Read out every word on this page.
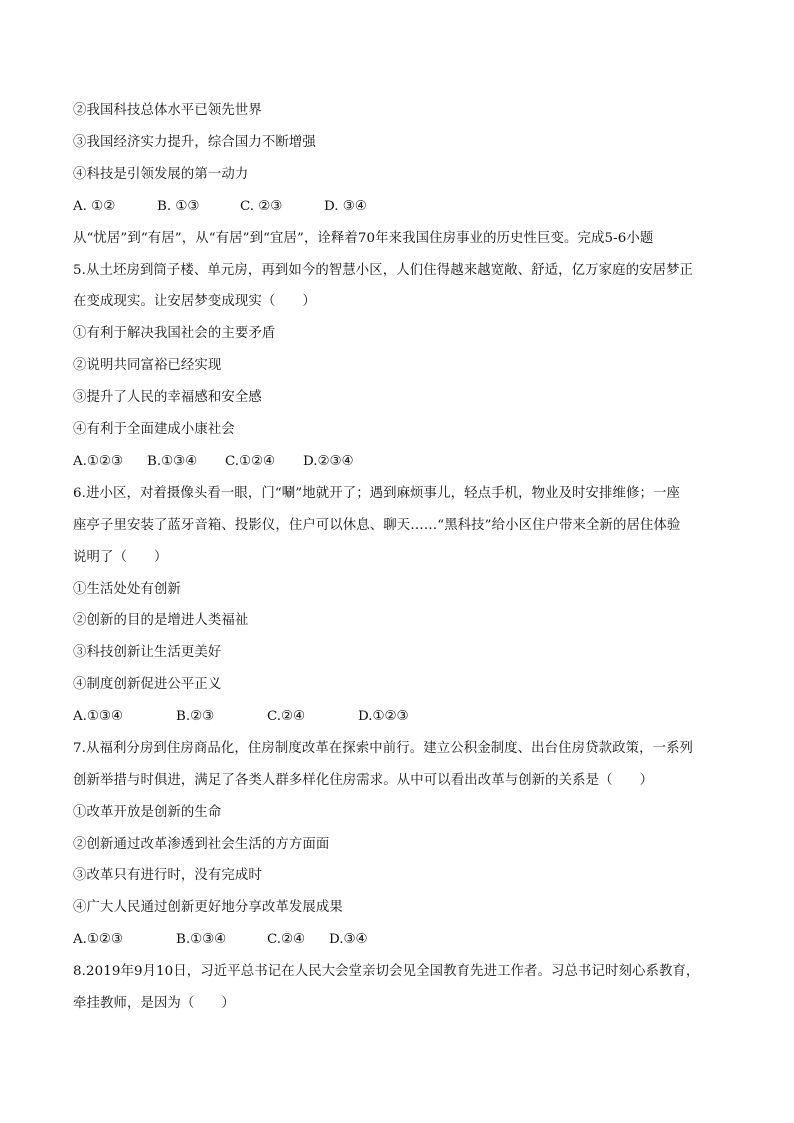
②我国科技总体水平已领先世界
③我国经济实力提升，综合国力不断增强
④科技是引领发展的第一动力
A. ①②	B. ①③	C. ②③	D. ③④
从“忧居”到“有居”，从“有居”到“宜居”，诠释着70年来我国住房事业的历史性巨变。完成5-6小题
5.从土坯房到筒子楼、单元房，再到如今的智慧小区，人们住得越来越宽敞、舒适，亿万家庭的安居梦正
在变成现实。让安居梦变成现实（　　）
①有利于解决我国社会的主要矛盾
②说明共同富裕已经实现
③提升了人民的幸福感和安全感
④有利于全面建成小康社会
A.①②③ B.①③④ C.①②④ D.②③④
6.进小区，对着摄像头看一眼，门“唰”地就开了；遇到麻烦事儿，轻点手机，物业及时安排维修；一座
座亭子里安装了蓝牙音箱、投影仪，住户可以休息、聊天……“黑科技”给小区住户带来全新的居住体验
说明了（　　）
①生活处处有创新
②创新的目的是增进人类福祉
③科技创新让生活更美好
④制度创新促进公平正义
A.①③④	B.②③	C.②④	D.①②③
7.从福利分房到住房商品化，住房制度改革在探索中前行。建立公积金制度、出台住房贷款政策，一系列
创新举措与时俱进，满足了各类人群多样化住房需求。从中可以看出改革与创新的关系是（　　）
①改革开放是创新的生命
②创新通过改革渗透到社会生活的方方面面
③改革只有进行时，没有完成时
④广大人民通过创新更好地分享改革发展成果
A.①②③	B.①③④	C.②④ D.③④
8.2019年9月10日，习近平总书记在人民大会堂亲切会见全国教育先进工作者。习总书记时刻心系教育，
牵挂教师，是因为（　　）
